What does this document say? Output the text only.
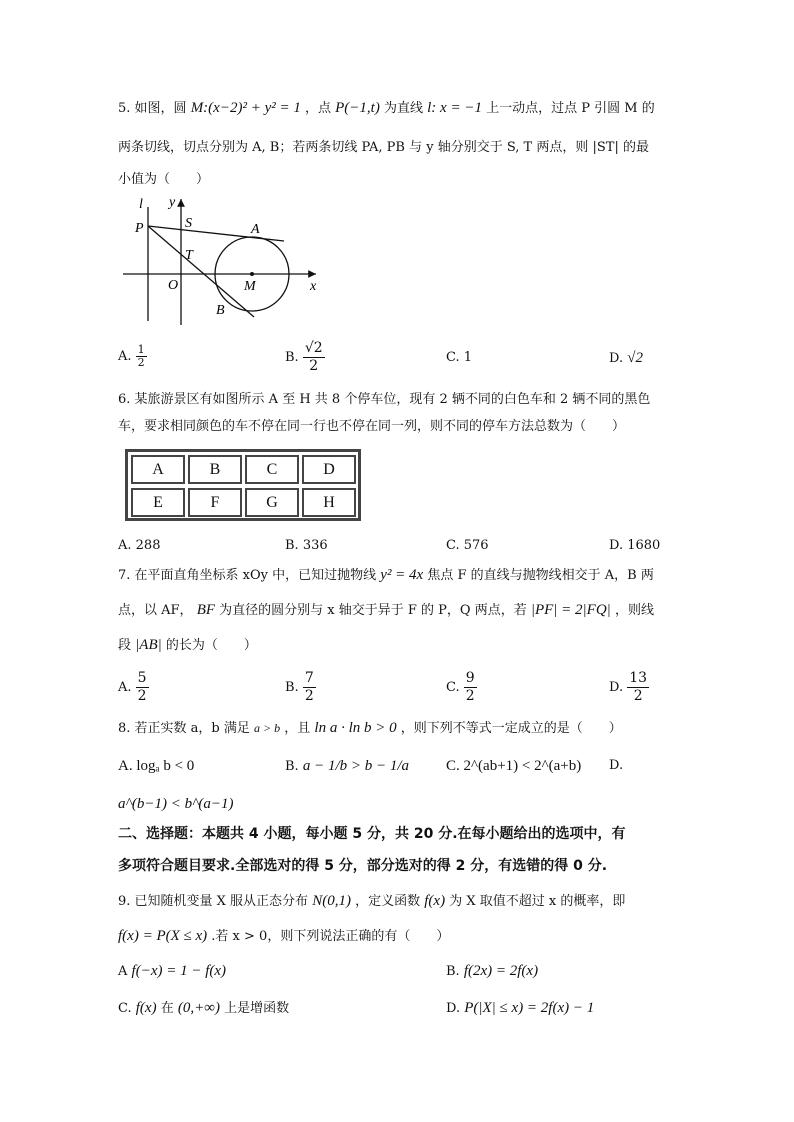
5. 如图，圆 M:(x−2)² + y² = 1 ，点 P(−1,t) 为直线 l: x = −1 上一动点，过点 P 引圆 M 的
两条切线，切点分别为 A, B；若两条切线 PA, PB 与 y 轴分别交于 S, T 两点，则 |ST| 的最
小值为（　　）
l y
P	S	A
T
O	M	x
B
A. $\frac{1}{2}$	B. $\frac{√2}{2}$	C. 1	D. √2
6. 某旅游景区有如图所示 A 至 H 共 8 个停车位，现有 2 辆不同的白色车和 2 辆不同的黑色
车，要求相同颜色的车不停在同一行也不停在同一列，则不同的停车方法总数为（　　）
A	B	C	D
E	F	G	H
A. 288	B. 336	C. 576	D. 1680
7. 在平面直角坐标系 xOy 中，已知过抛物线 y² = 4x 焦点 F 的直线与抛物线相交于 A，B 两
点，以 AF， BF 为直径的圆分别与 x 轴交于异于 F 的 P，Q 两点，若 |PF| = 2|FQ| ，则线
段 |AB| 的长为（　　）
A. $\frac{5}{2}$	B. $\frac{7}{2}$	C. $\frac{9}{2}$	D. $\frac{13}{2}$
8. 若正实数 a，b 满足 a > b ，且 ln a · ln b > 0 ，则下列不等式一定成立的是（　　）
A. logₐ b < 0	B. a − 1/b > b − 1/a C. 2^(ab+1) < 2^(a+b) D.
a^(b−1) < b^(a−1)
二、选择题：本题共 4 小题，每小题 5 分，共 20 分.在每小题给出的选项中，有
多项符合题目要求.全部选对的得 5 分，部分选对的得 2 分，有选错的得 0 分.
9. 已知随机变量 X 服从正态分布 N(0,1) ，定义函数 f(x) 为 X 取值不超过 x 的概率，即
f(x) = P(X ≤ x) .若 x > 0，则下列说法正确的有（　　）
A f(−x) = 1 − f(x)	B. f(2x) = 2f(x)
C. f(x) 在 (0,+∞) 上是增函数	D. P(|X| ≤ x) = 2f(x) − 1
